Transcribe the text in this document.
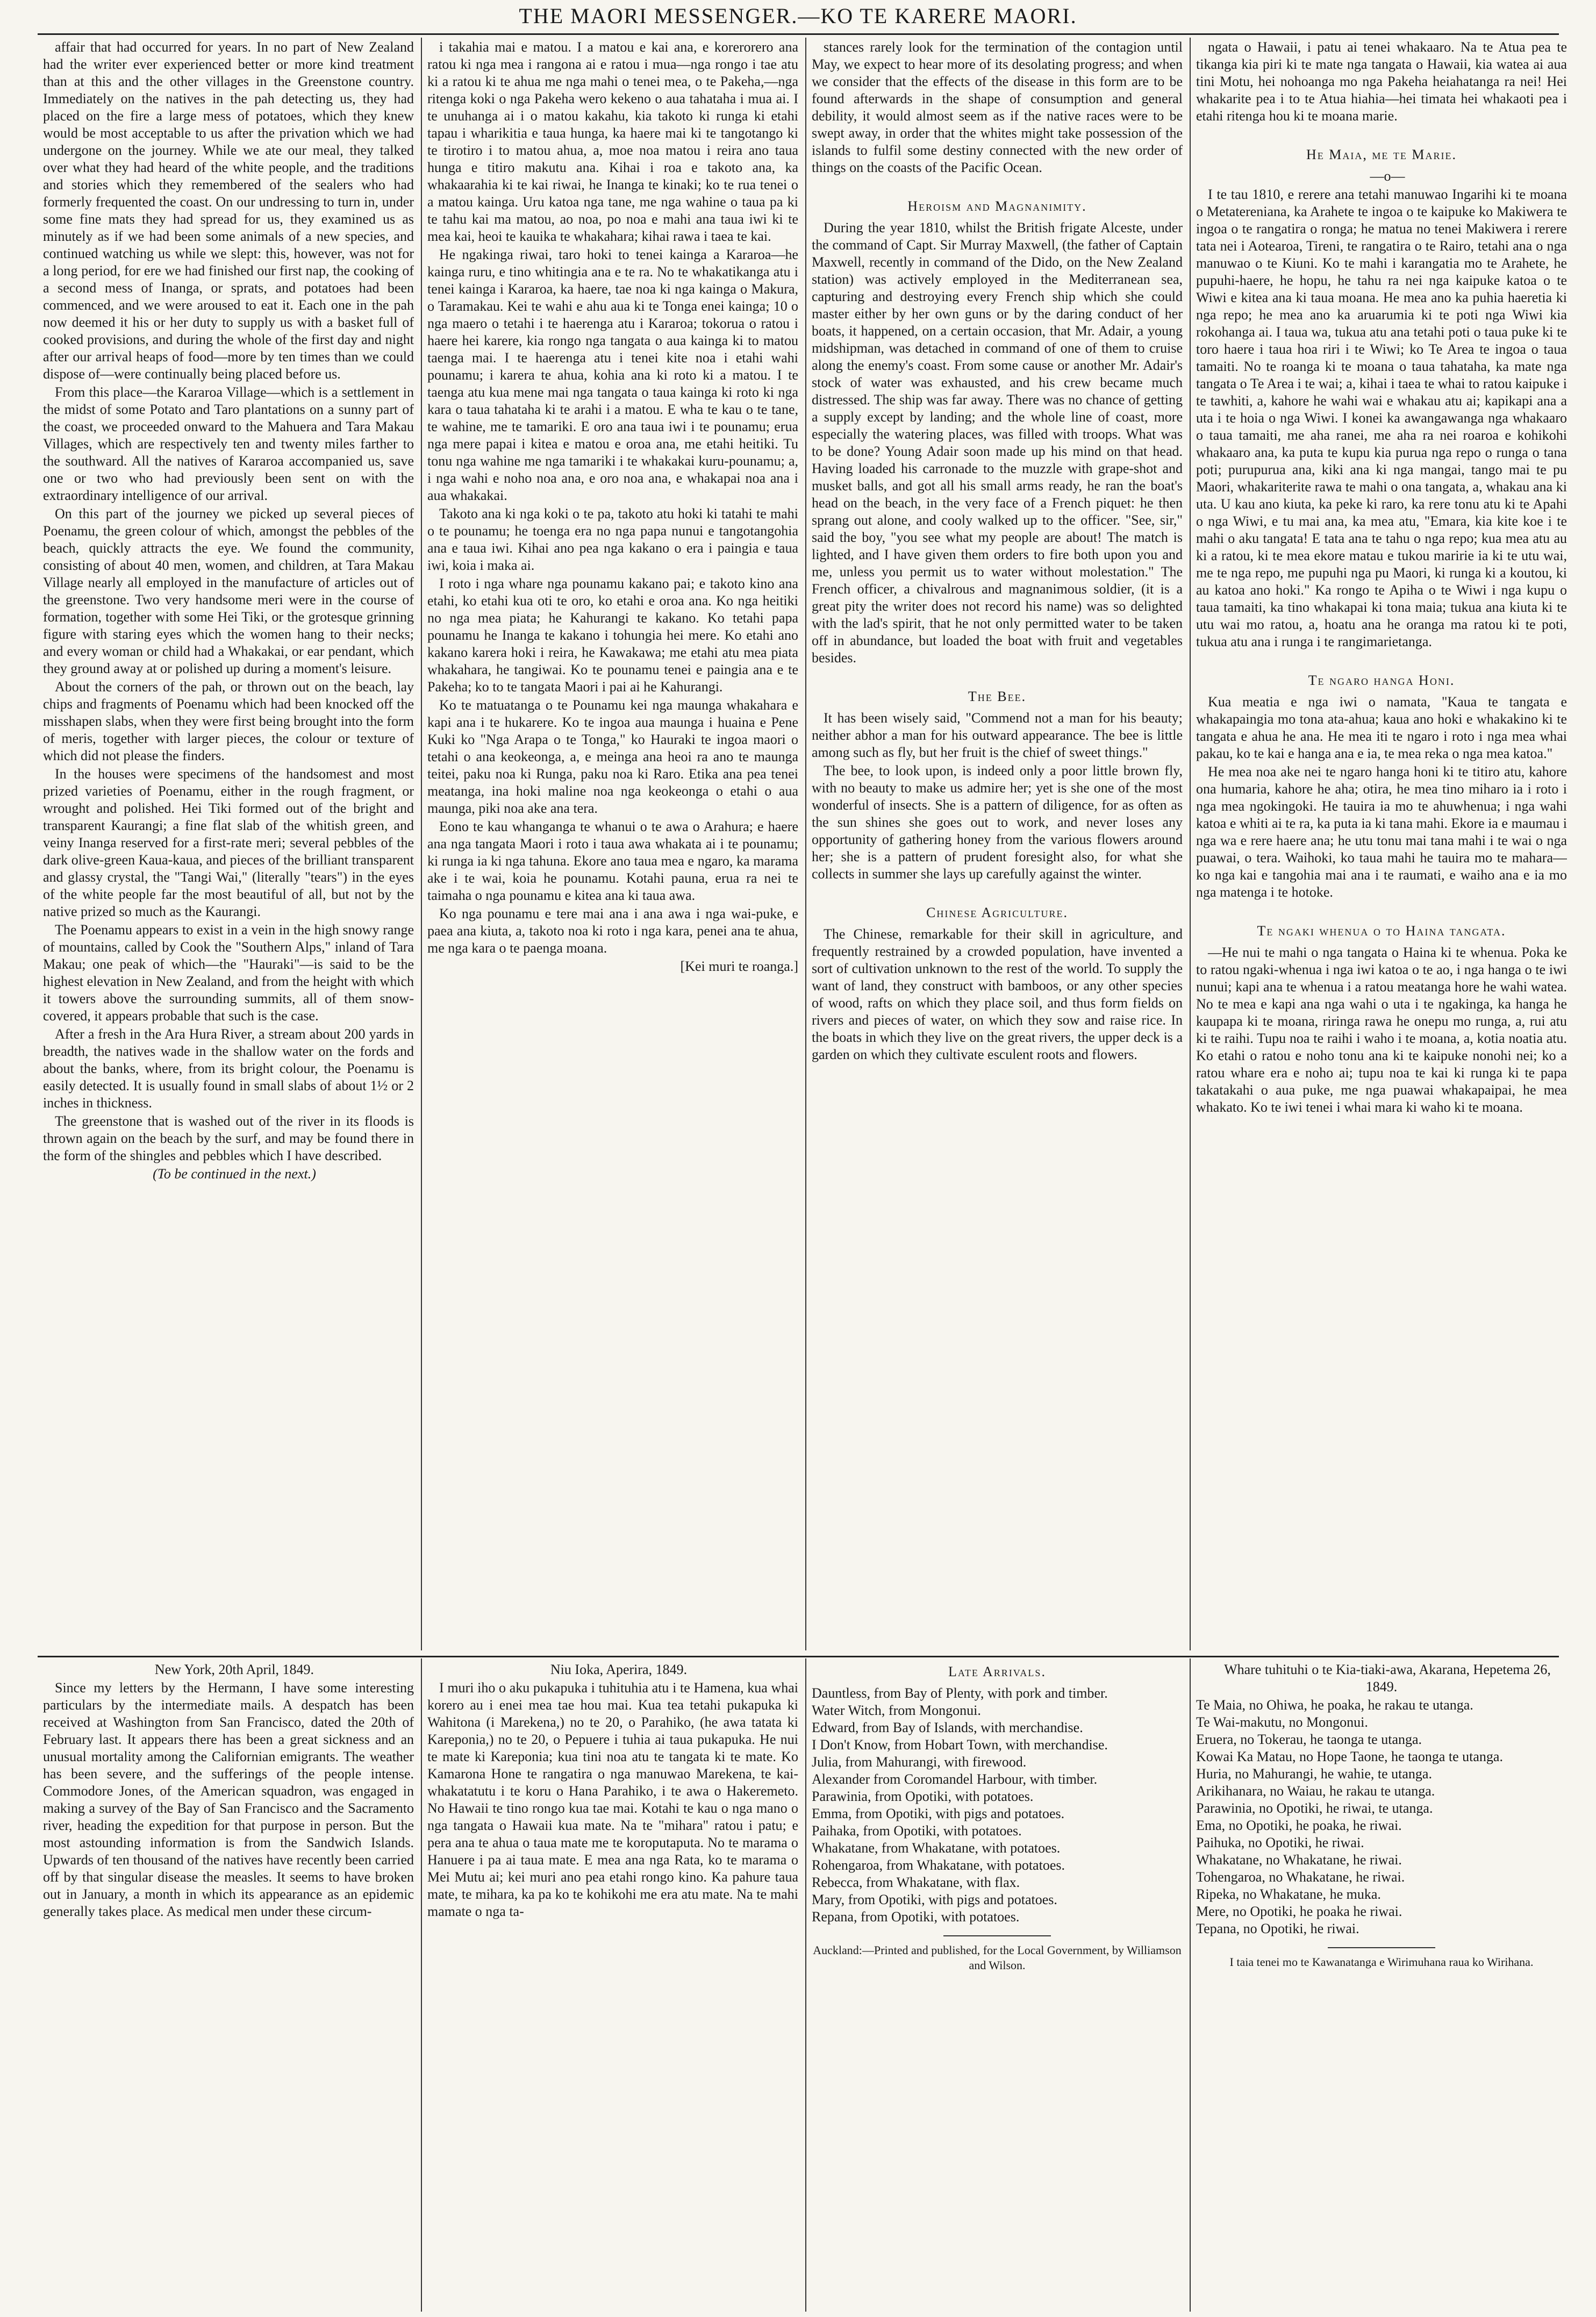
THE MAORI MESSENGER.—KO TE KARERE MAORI.

affair that had occurred for years. In no part of New Zealand had the writer ever experienced better or more kind treatment than at this and the other villages in the Greenstone country. Immediately on the natives in the pah detecting us, they had placed on the fire a large mess of potatoes, which they knew would be most acceptable to us after the privation which we had undergone on the journey. While we ate our meal, they talked over what they had heard of the white people, and the traditions and stories which they remembered of the sealers who had formerly frequented the coast. On our undressing to turn in, under some fine mats they had spread for us, they examined us as minutely as if we had been some animals of a new species, and continued watching us while we slept: this, however, was not for a long period, for ere we had finished our first nap, the cooking of a second mess of Inanga, or sprats, and potatoes had been commenced, and we were aroused to eat it. Each one in the pah now deemed it his or her duty to supply us with a basket full of cooked provisions, and during the whole of the first day and night after our arrival heaps of food—more by ten times than we could dispose of—were continually being placed before us.

From this place—the Kararoa Village—which is a settlement in the midst of some Potato and Taro plantations on a sunny part of the coast, we proceeded onward to the Mahuera and Tara Makau Villages, which are respectively ten and twenty miles farther to the southward. All the natives of Kararoa accompanied us, save one or two who had previously been sent on with the extraordinary intelligence of our arrival.

On this part of the journey we picked up several pieces of Poenamu, the green colour of which, amongst the pebbles of the beach, quickly attracts the eye. We found the community, consisting of about 40 men, women, and children, at Tara Makau Village nearly all employed in the manufacture of articles out of the greenstone. Two very handsome meri were in the course of formation, together with some Hei Tiki, or the grotesque grinning figure with staring eyes which the women hang to their necks; and every woman or child had a Whakakai, or ear pendant, which they ground away at or polished up during a moment's leisure.

About the corners of the pah, or thrown out on the beach, lay chips and fragments of Poenamu which had been knocked off the misshapen slabs, when they were first being brought into the form of meris, together with larger pieces, the colour or texture of which did not please the finders.

In the houses were specimens of the handsomest and most prized varieties of Poenamu, either in the rough fragment, or wrought and polished. Hei Tiki formed out of the bright and transparent Kaurangi; a fine flat slab of the whitish green, and veiny Inanga reserved for a first-rate meri; several pebbles of the dark olive-green Kaua-kaua, and pieces of the brilliant transparent and glassy crystal, the "Tangi Wai," (literally "tears") in the eyes of the white people far the most beautiful of all, but not by the native prized so much as the Kaurangi.

The Poenamu appears to exist in a vein in the high snowy range of mountains, called by Cook the "Southern Alps," inland of Tara Makau; one peak of which—the "Hauraki"—is said to be the highest elevation in New Zealand, and from the height with which it towers above the surrounding summits, all of them snow-covered, it appears probable that such is the case.

After a fresh in the Ara Hura River, a stream about 200 yards in breadth, the natives wade in the shallow water on the fords and about the banks, where, from its bright colour, the Poenamu is easily detected. It is usually found in small slabs of about 1½ or 2 inches in thickness.

The greenstone that is washed out of the river in its floods is thrown again on the beach by the surf, and may be found there in the form of the shingles and pebbles which I have described.

(To be continued in the next.)

i takahia mai e matou. I a matou e kai ana, e korerorero ana ratou ki nga mea i rangona ai e ratou i mua—nga rongo i tae atu ki a ratou ki te ahua me nga mahi o tenei mea, o te Pakeha,—nga ritenga koki o nga Pakeha wero kekeno o aua tahataha i mua ai. I te unuhanga ai i o matou kakahu, kia takoto ki runga ki etahi tapau i wharikitia e taua hunga, ka haere mai ki te tangotango ki te tirotiro i to matou ahua, a, moe noa matou i reira ano taua hunga e titiro makutu ana. Kihai i roa e takoto ana, ka whakaarahia ki te kai riwai, he Inanga te kinaki; ko te rua tenei o a matou kainga. Uru katoa nga tane, me nga wahine o taua pa ki te tahu kai ma matou, ao noa, po noa e mahi ana taua iwi ki te mea kai, heoi te kauika te whakahara; kihai rawa i taea te kai.

He ngakinga riwai, taro hoki to tenei kainga a Kararoa—he kainga ruru, e tino whitingia ana e te ra. No te whakatikanga atu i tenei kainga i Kararoa, ka haere, tae noa ki nga kainga o Makura, o Taramakau. Kei te wahi e ahu aua ki te Tonga enei kainga; 10 o nga maero o tetahi i te haerenga atu i Kararoa; tokorua o ratou i haere hei karere, kia rongo nga tangata o aua kainga ki to matou taenga mai. I te haerenga atu i tenei kite noa i etahi wahi pounamu; i karera te ahua, kohia ana ki roto ki a matou. I te taenga atu kua mene mai nga tangata o taua kainga ki roto ki nga kara o taua tahataha ki te arahi i a matou. E wha te kau o te tane, te wahine, me te tamariki. E oro ana taua iwi i te pounamu; erua nga mere papai i kitea e matou e oroa ana, me etahi heitiki. Tu tonu nga wahine me nga tamariki i te whakakai kuru-pounamu; a, i nga wahi e noho noa ana, e oro noa ana, e whakapai noa ana i aua whakakai.

Takoto ana ki nga koki o te pa, takoto atu hoki ki tatahi te mahi o te pounamu; he toenga era no nga papa nunui e tangotangohia ana e taua iwi. Kihai ano pea nga kakano o era i paingia e taua iwi, koia i maka ai.

I roto i nga whare nga pounamu kakano pai; e takoto kino ana etahi, ko etahi kua oti te oro, ko etahi e oroa ana. Ko nga heitiki no nga mea piata; he Kahurangi te kakano. Ko tetahi papa pounamu he Inanga te kakano i tohungia hei mere. Ko etahi ano kakano karera hoki i reira, he Kawakawa; me etahi atu mea piata whakahara, he tangiwai. Ko te pounamu tenei e paingia ana e te Pakeha; ko to te tangata Maori i pai ai he Kahurangi.

Ko te matuatanga o te Pounamu kei nga maunga whakahara e kapi ana i te hukarere. Ko te ingoa aua maunga i huaina e Pene Kuki ko "Nga Arapa o te Tonga," ko Hauraki te ingoa maori o tetahi o ana keokeonga, a, e meinga ana heoi ra ano te maunga teitei, paku noa ki Runga, paku noa ki Raro. Etika ana pea tenei meatanga, ina hoki maline noa nga keokeonga o etahi o aua maunga, piki noa ake ana tera.

Eono te kau whanganga te whanui o te awa o Arahura; e haere ana nga tangata Maori i roto i taua awa whakata ai i te pounamu; ki runga ia ki nga tahuna. Ekore ano taua mea e ngaro, ka marama ake i te wai, koia he pounamu. Kotahi pauna, erua ra nei te taimaha o nga pounamu e kitea ana ki taua awa.

Ko nga pounamu e tere mai ana i ana awa i nga wai-puke, e paea ana kiuta, a, takoto noa ki roto i nga kara, penei ana te ahua, me nga kara o te paenga moana.

[Kei muri te roanga.]

stances rarely look for the termination of the contagion until May, we expect to hear more of its desolating progress; and when we consider that the effects of the disease in this form are to be found afterwards in the shape of consumption and general debility, it would almost seem as if the native races were to be swept away, in order that the whites might take possession of the islands to fulfil some destiny connected with the new order of things on the coasts of the Pacific Ocean.

Heroism and Magnanimity.

During the year 1810, whilst the British frigate Alceste, under the command of Capt. Sir Murray Maxwell, (the father of Captain Maxwell, recently in command of the Dido, on the New Zealand station) was actively employed in the Mediterranean sea, capturing and destroying every French ship which she could master either by her own guns or by the daring conduct of her boats, it happened, on a certain occasion, that Mr. Adair, a young midshipman, was detached in command of one of them to cruise along the enemy's coast. From some cause or another Mr. Adair's stock of water was exhausted, and his crew became much distressed. The ship was far away. There was no chance of getting a supply except by landing; and the whole line of coast, more especially the watering places, was filled with troops. What was to be done? Young Adair soon made up his mind on that head. Having loaded his carronade to the muzzle with grape-shot and musket balls, and got all his small arms ready, he ran the boat's head on the beach, in the very face of a French piquet: he then sprang out alone, and cooly walked up to the officer. "See, sir," said the boy, "you see what my people are about! The match is lighted, and I have given them orders to fire both upon you and me, unless you permit us to water without molestation." The French officer, a chivalrous and magnanimous soldier, (it is a great pity the writer does not record his name) was so delighted with the lad's spirit, that he not only permitted water to be taken off in abundance, but loaded the boat with fruit and vegetables besides.

The Bee.

It has been wisely said, "Commend not a man for his beauty; neither abhor a man for his outward appearance. The bee is little among such as fly, but her fruit is the chief of sweet things."

The bee, to look upon, is indeed only a poor little brown fly, with no beauty to make us admire her; yet is she one of the most wonderful of insects. She is a pattern of diligence, for as often as the sun shines she goes out to work, and never loses any opportunity of gathering honey from the various flowers around her; she is a pattern of prudent foresight also, for what she collects in summer she lays up carefully against the winter.

Chinese Agriculture.

The Chinese, remarkable for their skill in agriculture, and frequently restrained by a crowded population, have invented a sort of cultivation unknown to the rest of the world. To supply the want of land, they construct with bamboos, or any other species of wood, rafts on which they place soil, and thus form fields on rivers and pieces of water, on which they sow and raise rice. In the boats in which they live on the great rivers, the upper deck is a garden on which they cultivate esculent roots and flowers.

ngata o Hawaii, i patu ai tenei whakaaro. Na te Atua pea te tikanga kia piri ki te mate nga tangata o Hawaii, kia watea ai aua tini Motu, hei nohoanga mo nga Pakeha heiahatanga ra nei! Hei whakarite pea i to te Atua hiahia—hei timata hei whakaoti pea i etahi ritenga hou ki te moana marie.

He Maia, me te Marie.

—o—

I te tau 1810, e rerere ana tetahi manuwao Ingarihi ki te moana o Metatereniana, ka Arahete te ingoa o te kaipuke ko Makiwera te ingoa o te rangatira o ronga; he matua no tenei Makiwera i rerere tata nei i Aotearoa, Tireni, te rangatira o te Rairo, tetahi ana o nga manuwao o te Kiuni. Ko te mahi i karangatia mo te Arahete, he pupuhi-haere, he hopu, he tahu ra nei nga kaipuke katoa o te Wiwi e kitea ana ki taua moana. He mea ano ka puhia haeretia ki nga repo; he mea ano ka aruarumia ki te poti nga Wiwi kia rokohanga ai. I taua wa, tukua atu ana tetahi poti o taua puke ki te toro haere i taua hoa riri i te Wiwi; ko Te Area te ingoa o taua tamaiti. No te roanga ki te moana o taua tahataha, ka mate nga tangata o Te Area i te wai; a, kihai i taea te whai to ratou kaipuke i te tawhiti, a, kahore he wahi wai e whakau atu ai; kapikapi ana a uta i te hoia o nga Wiwi. I konei ka awangawanga nga whakaaro o taua tamaiti, me aha ranei, me aha ra nei roaroa e kohikohi whakaaro ana, ka puta te kupu kia purua nga repo o runga o tana poti; purupurua ana, kiki ana ki nga mangai, tango mai te pu Maori, whakariterite rawa te mahi o ona tangata, a, whakau ana ki uta. U kau ano kiuta, ka peke ki raro, ka rere tonu atu ki te Apahi o nga Wiwi, e tu mai ana, ka mea atu, "Emara, kia kite koe i te mahi o aku tangata! E tata ana te tahu o nga repo; kua mea atu au ki a ratou, ki te mea ekore matau e tukou maririe ia ki te utu wai, me te nga repo, me pupuhi nga pu Maori, ki runga ki a koutou, ki au katoa ano hoki." Ka rongo te Apiha o te Wiwi i nga kupu o taua tamaiti, ka tino whakapai ki tona maia; tukua ana kiuta ki te utu wai mo ratou, a, hoatu ana he oranga ma ratou ki te poti, tukua atu ana i runga i te rangimarietanga.

Te ngaro hanga Honi.

Kua meatia e nga iwi o namata, "Kaua te tangata e whakapaingia mo tona ata-ahua; kaua ano hoki e whakakino ki te tangata e ahua he ana. He mea iti te ngaro i roto i nga mea whai pakau, ko te kai e hanga ana e ia, te mea reka o nga mea katoa."

He mea noa ake nei te ngaro hanga honi ki te titiro atu, kahore ona humaria, kahore he aha; otira, he mea tino miharo ia i roto i nga mea ngokingoki. He tauira ia mo te ahuwhenua; i nga wahi katoa e whiti ai te ra, ka puta ia ki tana mahi. Ekore ia e maumau i nga wa e rere haere ana; he utu tonu mai tana mahi i te wai o nga puawai, o tera. Waihoki, ko taua mahi he tauira mo te mahara—ko nga kai e tangohia mai ana i te raumati, e waiho ana e ia mo nga matenga i te hotoke.

Te ngaki whenua o to Haina tangata.

—He nui te mahi o nga tangata o Haina ki te whenua. Poka ke to ratou ngaki-whenua i nga iwi katoa o te ao, i nga hanga o te iwi nunui; kapi ana te whenua i a ratou meatanga hore he wahi watea. No te mea e kapi ana nga wahi o uta i te ngakinga, ka hanga he kaupapa ki te moana, riringa rawa he onepu mo runga, a, rui atu ki te raihi. Tupu noa te raihi i waho i te moana, a, kotia noatia atu. Ko etahi o ratou e noho tonu ana ki te kaipuke nonohi nei; ko a ratou whare era e noho ai; tupu noa te kai ki runga ki te papa takatakahi o aua puke, me nga puawai whakapaipai, he mea whakato. Ko te iwi tenei i whai mara ki waho ki te moana.

New York, 20th April, 1849.

Since my letters by the Hermann, I have some interesting particulars by the intermediate mails. A despatch has been received at Washington from San Francisco, dated the 20th of February last. It appears there has been a great sickness and an unusual mortality among the Californian emigrants. The weather has been severe, and the sufferings of the people intense. Commodore Jones, of the American squadron, was engaged in making a survey of the Bay of San Francisco and the Sacramento river, heading the expedition for that purpose in person. But the most astounding information is from the Sandwich Islands. Upwards of ten thousand of the natives have recently been carried off by that singular disease the measles. It seems to have broken out in January, a month in which its appearance as an epidemic generally takes place. As medical men under these circum-

Niu Ioka, Aperira, 1849.

I muri iho o aku pukapuka i tuhituhia atu i te Hamena, kua whai korero au i enei mea tae hou mai. Kua tea tetahi pukapuka ki Wahitona (i Marekena,) no te 20, o Parahiko, (he awa tatata ki Kareponia,) no te 20, o Pepuere i tuhia ai taua pukapuka. He nui te mate ki Kareponia; kua tini noa atu te tangata ki te mate. Ko Kamarona Hone te rangatira o nga manuwao Marekena, te kai-whakatatutu i te koru o Hana Parahiko, i te awa o Hakeremeto. No Hawaii te tino rongo kua tae mai. Kotahi te kau o nga mano o nga tangata o Hawaii kua mate. Na te "mihara" ratou i patu; e pera ana te ahua o taua mate me te koroputaputa. No te marama o Hanuere i pa ai taua mate. E mea ana nga Rata, ko te marama o Mei Mutu ai; kei muri ano pea etahi rongo kino. Ka pahure taua mate, te mihara, ka pa ko te kohikohi me era atu mate. Na te mahi mamate o nga ta-

Late Arrivals.
Dauntless, from Bay of Plenty, with pork and timber.
Water Witch, from Mongonui.
Edward, from Bay of Islands, with merchandise.
I Don't Know, from Hobart Town, with merchandise.
Julia, from Mahurangi, with firewood.
Alexander from Coromandel Harbour, with timber.
Parawinia, from Opotiki, with potatoes.
Emma, from Opotiki, with pigs and potatoes.
Paihaka, from Opotiki, with potatoes.
Whakatane, from Whakatane, with potatoes.
Rohengaroa, from Whakatane, with potatoes.
Rebecca, from Whakatane, with flax.
Mary, from Opotiki, with pigs and potatoes.
Repana, from Opotiki, with potatoes.
Auckland:—Printed and published, for the Local Government, by Williamson and Wilson.

Whare tuhituhi o te Kia-tiaki-awa, Akarana, Hepetema 26, 1849.

Te Maia, no Ohiwa, he poaka, he rakau te utanga.
Te Wai-makutu, no Mongonui.
Eruera, no Tokerau, he taonga te utanga.
Kowai Ka Matau, no Hope Taone, he taonga te utanga.
Huria, no Mahurangi, he wahie, te utanga.
Arikihanara, no Waiau, he rakau te utanga.
Parawinia, no Opotiki, he riwai, te utanga.
Ema, no Opotiki, he poaka, he riwai.
Paihuka, no Opotiki, he riwai.
Whakatane, no Whakatane, he riwai.
Tohengaroa, no Whakatane, he riwai.
Ripeka, no Whakatane, he muka.
Mere, no Opotiki, he poaka he riwai.
Tepana, no Opotiki, he riwai.
I taia tenei mo te Kawanatanga e Wirimuhana raua ko Wirihana.
